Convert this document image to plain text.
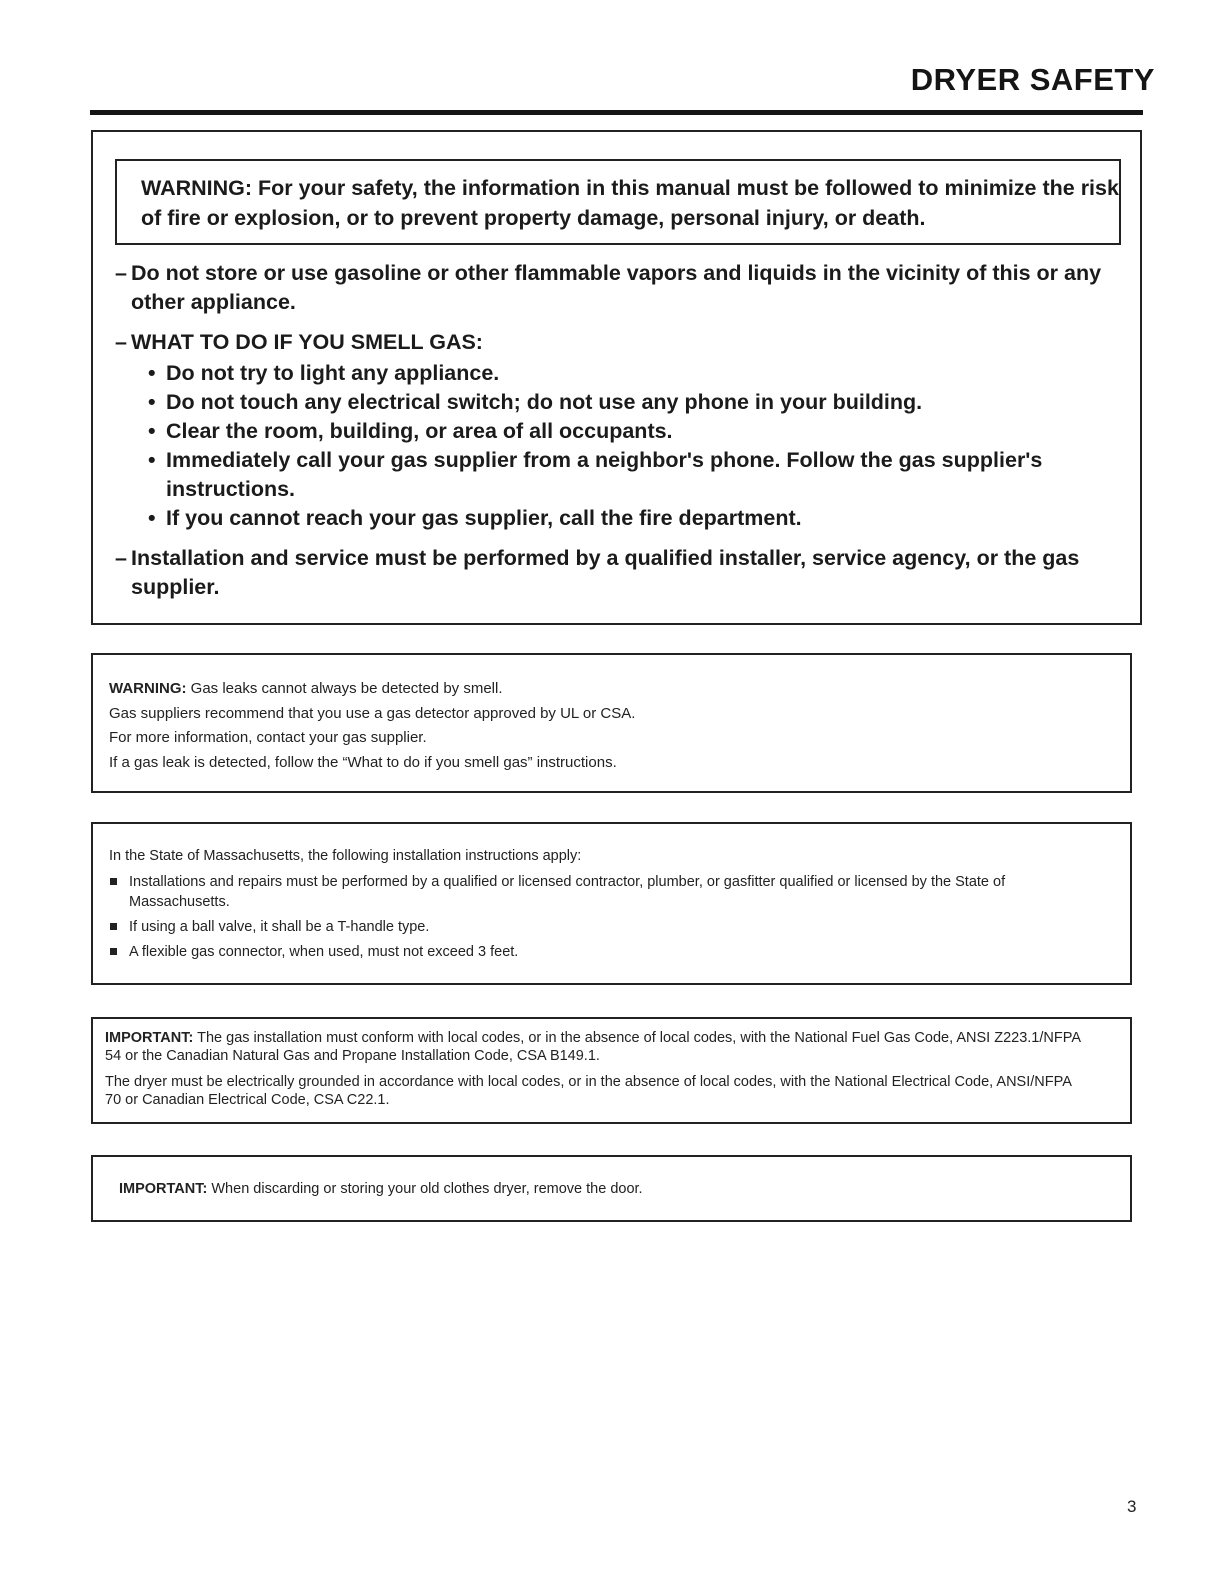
DRYER SAFETY
WARNING: For your safety, the information in this manual must be followed to minimize the risk of fire or explosion, or to prevent property damage, personal injury, or death.
– Do not store or use gasoline or other flammable vapors and liquids in the vicinity of this or any other appliance.
– WHAT TO DO IF YOU SMELL GAS:
• Do not try to light any appliance.
• Do not touch any electrical switch; do not use any phone in your building.
• Clear the room, building, or area of all occupants.
• Immediately call your gas supplier from a neighbor's phone. Follow the gas supplier's instructions.
• If you cannot reach your gas supplier, call the fire department.
– Installation and service must be performed by a qualified installer, service agency, or the gas supplier.
WARNING: Gas leaks cannot always be detected by smell.
Gas suppliers recommend that you use a gas detector approved by UL or CSA.
For more information, contact your gas supplier.
If a gas leak is detected, follow the “What to do if you smell gas” instructions.
In the State of Massachusetts, the following installation instructions apply:
Installations and repairs must be performed by a qualified or licensed contractor, plumber, or gasfitter qualified or licensed by the State of Massachusetts.
If using a ball valve, it shall be a T-handle type.
A flexible gas connector, when used, must not exceed 3 feet.

IMPORTANT: The gas installation must conform with local codes, or in the absence of local codes, with the National Fuel Gas Code, ANSI Z223.1/NFPA 54 or the Canadian Natural Gas and Propane Installation Code, CSA B149.1.

The dryer must be electrically grounded in accordance with local codes, or in the absence of local codes, with the National Electrical Code, ANSI/NFPA 70 or Canadian Electrical Code, CSA C22.1.

IMPORTANT: When discarding or storing your old clothes dryer, remove the door.
3
